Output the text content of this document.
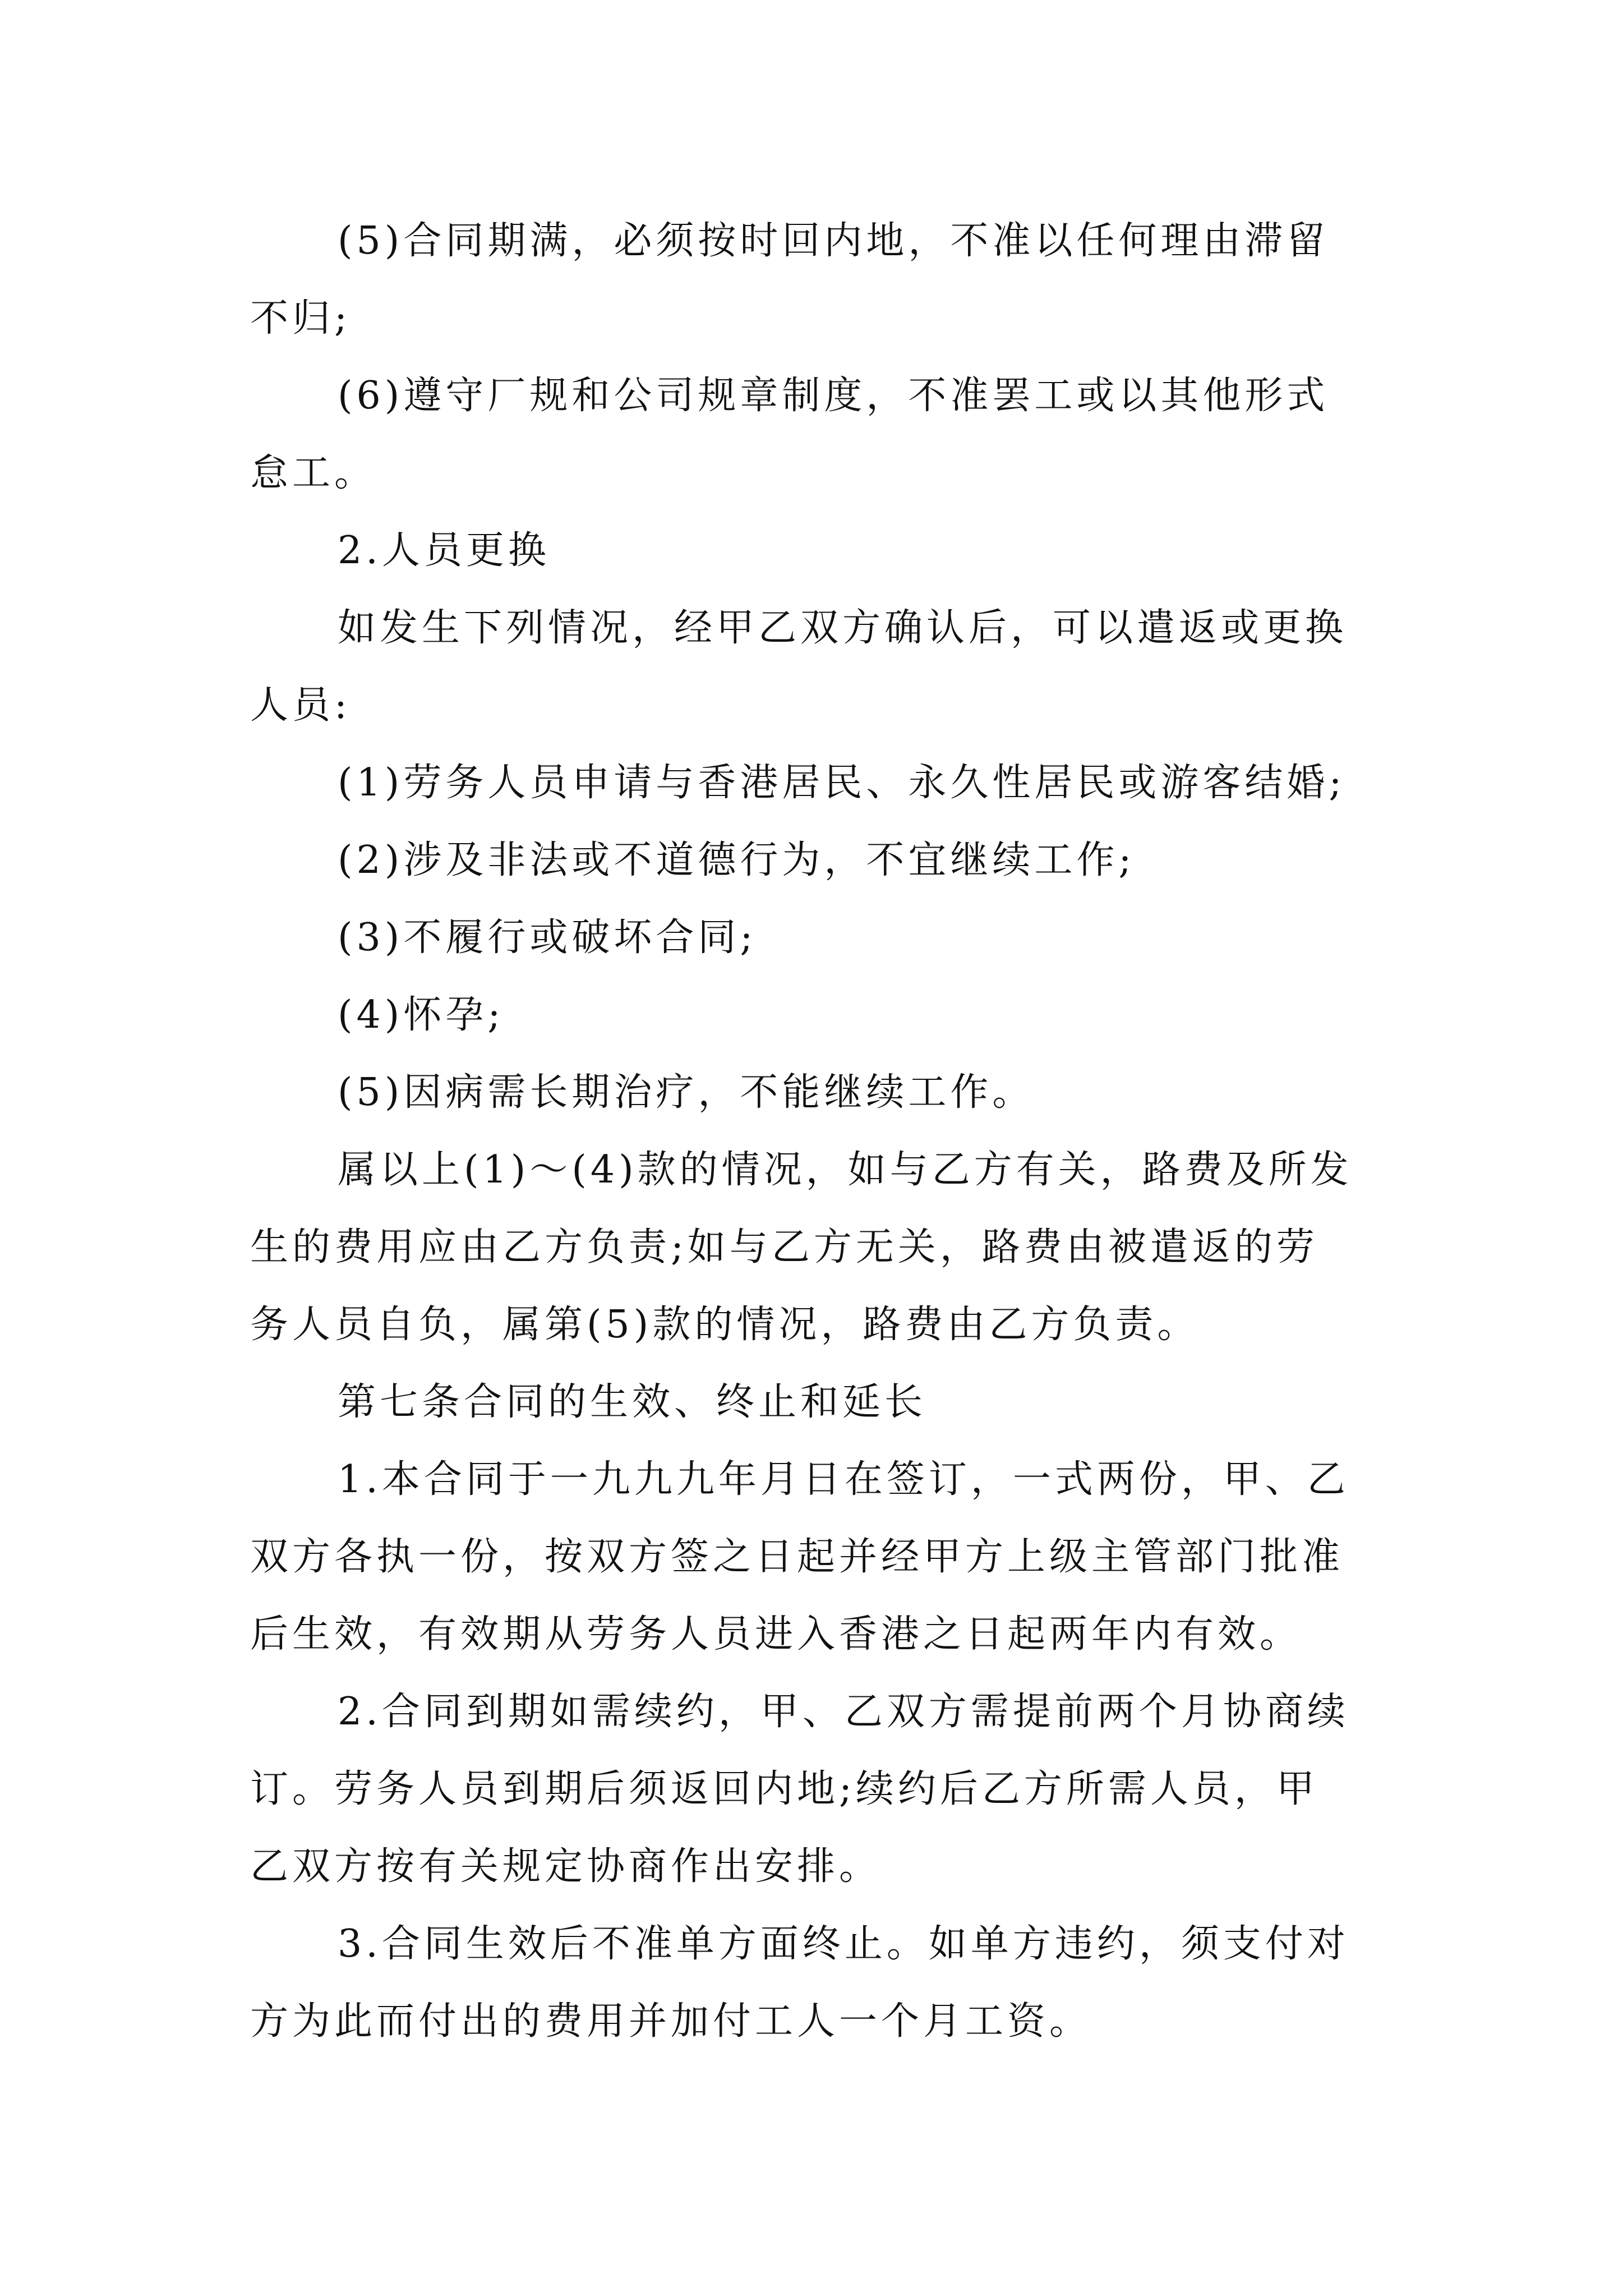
(5)合同期满，必须按时回内地，不准以任何理由滞留

不归;

(6)遵守厂规和公司规章制度，不准罢工或以其他形式

怠工。

2.人员更换

如发生下列情况，经甲乙双方确认后，可以遣返或更换

人员:

(1)劳务人员申请与香港居民、永久性居民或游客结婚;

(2)涉及非法或不道德行为，不宜继续工作;

(3)不履行或破坏合同;

(4)怀孕;

(5)因病需长期治疗，不能继续工作。

属以上(1)～(4)款的情况，如与乙方有关，路费及所发

生的费用应由乙方负责;如与乙方无关，路费由被遣返的劳

务人员自负，属第(5)款的情况，路费由乙方负责。

第七条合同的生效、终止和延长

1.本合同于一九九九年月日在签订，一式两份，甲、乙

双方各执一份，按双方签之日起并经甲方上级主管部门批准

后生效，有效期从劳务人员进入香港之日起两年内有效。

2.合同到期如需续约，甲、乙双方需提前两个月协商续

订。劳务人员到期后须返回内地;续约后乙方所需人员，甲

乙双方按有关规定协商作出安排。

3.合同生效后不准单方面终止。如单方违约，须支付对

方为此而付出的费用并加付工人一个月工资。
